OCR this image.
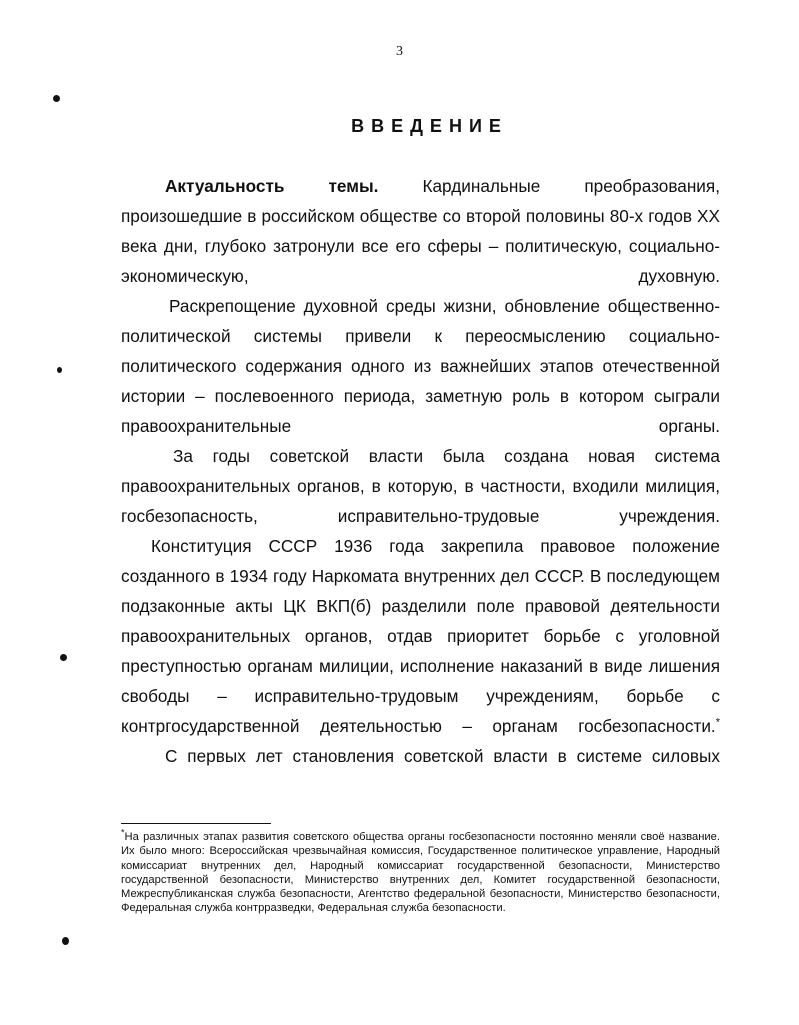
3
ВВЕДЕНИЕ

Актуальность темы. Кардинальные преобразования, произошедшие в российском обществе со второй половины 80-х годов XX века дни, глубоко затронули все его сферы – политическую, социально-экономическую, духовную.

Раскрепощение духовной среды жизни, обновление общественно-политической системы привели к переосмыслению социально-политического содержания одного из важнейших этапов отечественной истории – послевоенного периода, заметную роль в котором сыграли правоохранительные органы.

За годы советской власти была создана новая система правоохранительных органов, в которую, в частности, входили милиция, госбезопасность, исправительно-трудовые учреждения.

Конституция СССР 1936 года закрепила правовое положение созданного в 1934 году Наркомата внутренних дел СССР. В последующем подзаконные акты ЦК ВКП(б) разделили поле правовой деятельности правоохранительных органов, отдав приоритет борьбе с уголовной преступностью органам милиции, исполнение наказаний в виде лишения свободы – исправительно-трудовым учреждениям, борьбе с контргосударственной деятельностью – органам госбезопасности.*

С первых лет становления советской власти в системе силовых

*На различных этапах развития советского общества органы госбезопасности постоянно меняли своё название. Их было много: Всероссийская чрезвычайная комиссия, Государственное политическое управление, Народный комиссариат внутренних дел, Народный комиссариат государственной безопасности, Министерство государственной безопасности, Министерство внутренних дел, Комитет государственной безопасности, Межреспубликанская служба безопасности, Агентство федеральной безопасности, Министерство безопасности, Федеральная служба контрразведки, Федеральная служба безопасности.
